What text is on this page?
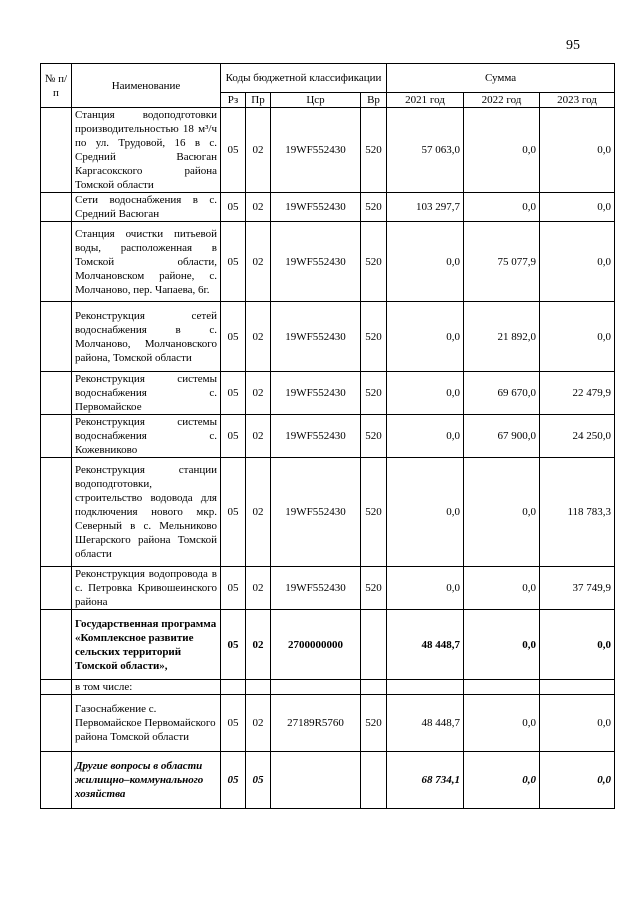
95
№ п/п	Наименование	Коды бюджетной классификации				Сумма		
		Рз	Пр	Цср	Вр	2021 год	2022 год	2023 год
	Станция водоподготовки производительностью 18 м³/ч по ул. Трудовой, 16 в с. Средний Васюган Каргасокского района Томской области	05	02	19WF552430	520	57 063,0	0,0	0,0
	Сети водоснабжения в с. Средний Васюган	05	02	19WF552430	520	103 297,7	0,0	0,0
	Станция очистки питьевой воды, расположенная в Томской области, Молчановском районе, с. Молчаново, пер. Чапаева, 6г.	05	02	19WF552430	520	0,0	75 077,9	0,0
	Реконструкция сетей водоснабжения в с. Молчаново, Молчановского района, Томской области	05	02	19WF552430	520	0,0	21 892,0	0,0
	Реконструкция системы водоснабжения с. Первомайское	05	02	19WF552430	520	0,0	69 670,0	22 479,9
	Реконструкция системы водоснабжения с. Кожевниково	05	02	19WF552430	520	0,0	67 900,0	24 250,0
	Реконструкция станции водоподготовки, строительство водовода для подключения нового мкр. Северный в с. Мельниково Шегарского района Томской области	05	02	19WF552430	520	0,0	0,0	118 783,3
	Реконструкция водопровода в с. Петровка Кривошеинского района	05	02	19WF552430	520	0,0	0,0	37 749,9
	Государственная программа «Комплексное развитие сельских территорий Томской области»,	05	02	2700000000		48 448,7	0,0	0,0
	в том числе:							
	Газоснабжение с. Первомайское Первомайского района Томской области	05	02	27189R5760	520	48 448,7	0,0	0,0
	Другие вопросы в области жилищно–коммунального хозяйства	05	05			68 734,1	0,0	0,0
